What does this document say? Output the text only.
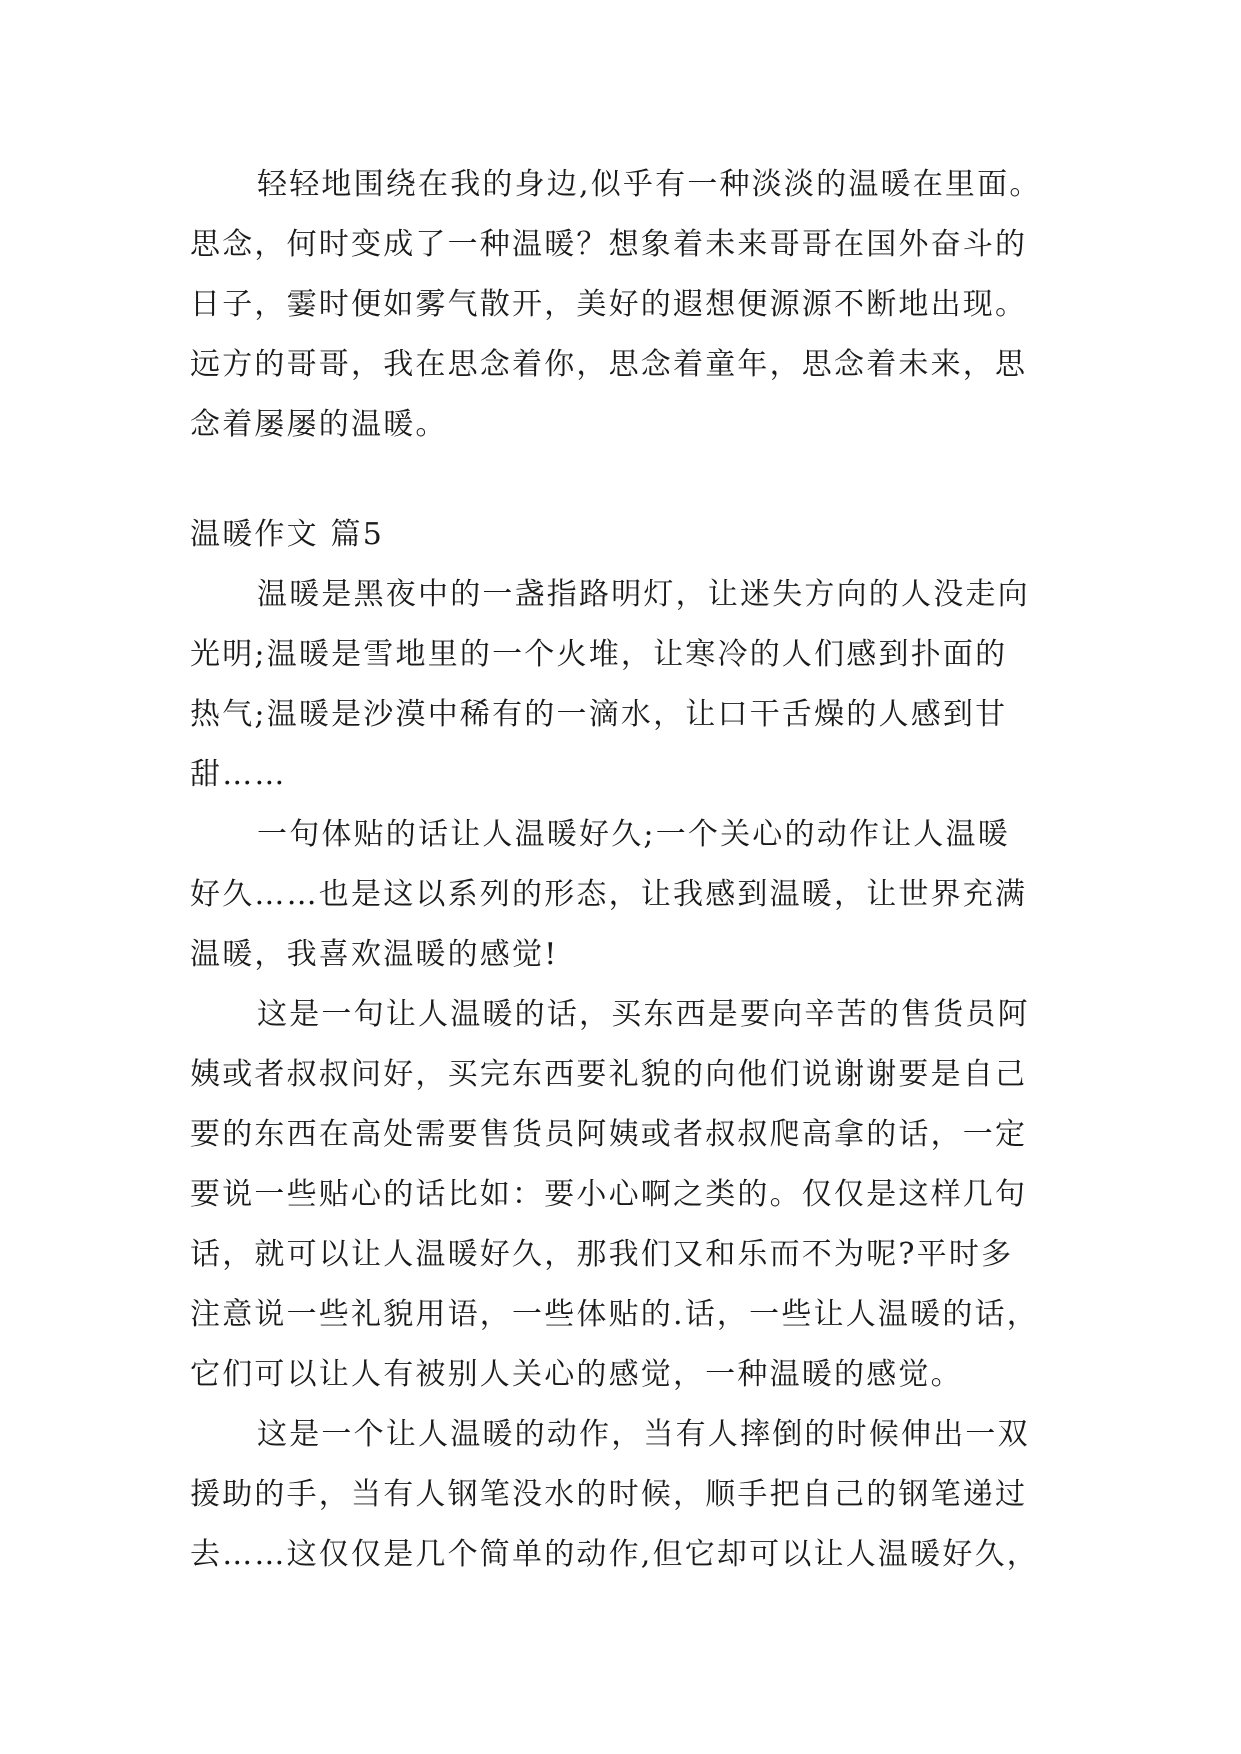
轻轻地围绕在我的身边,似乎有一种淡淡的温暖在里面。

思念，何时变成了一种温暖？想象着未来哥哥在国外奋斗的

日子，霎时便如雾气散开，美好的遐想便源源不断地出现。

远方的哥哥，我在思念着你，思念着童年，思念着未来，思

念着屡屡的温暖。

温暖作文 篇5

温暖是黑夜中的一盏指路明灯，让迷失方向的人没走向

光明;温暖是雪地里的一个火堆，让寒冷的人们感到扑面的

热气;温暖是沙漠中稀有的一滴水，让口干舌燥的人感到甘

甜……

一句体贴的话让人温暖好久;一个关心的动作让人温暖

好久……也是这以系列的形态，让我感到温暖，让世界充满

温暖，我喜欢温暖的感觉!

这是一句让人温暖的话，买东西是要向辛苦的售货员阿

姨或者叔叔问好，买完东西要礼貌的向他们说谢谢要是自己

要的东西在高处需要售货员阿姨或者叔叔爬高拿的话，一定

要说一些贴心的话比如：要小心啊之类的。仅仅是这样几句

话，就可以让人温暖好久，那我们又和乐而不为呢?平时多

注意说一些礼貌用语，一些体贴的.话，一些让人温暖的话，

它们可以让人有被别人关心的感觉，一种温暖的感觉。

这是一个让人温暖的动作，当有人摔倒的时候伸出一双

援助的手，当有人钢笔没水的时候，顺手把自己的钢笔递过

去……这仅仅是几个简单的动作,但它却可以让人温暖好久，
